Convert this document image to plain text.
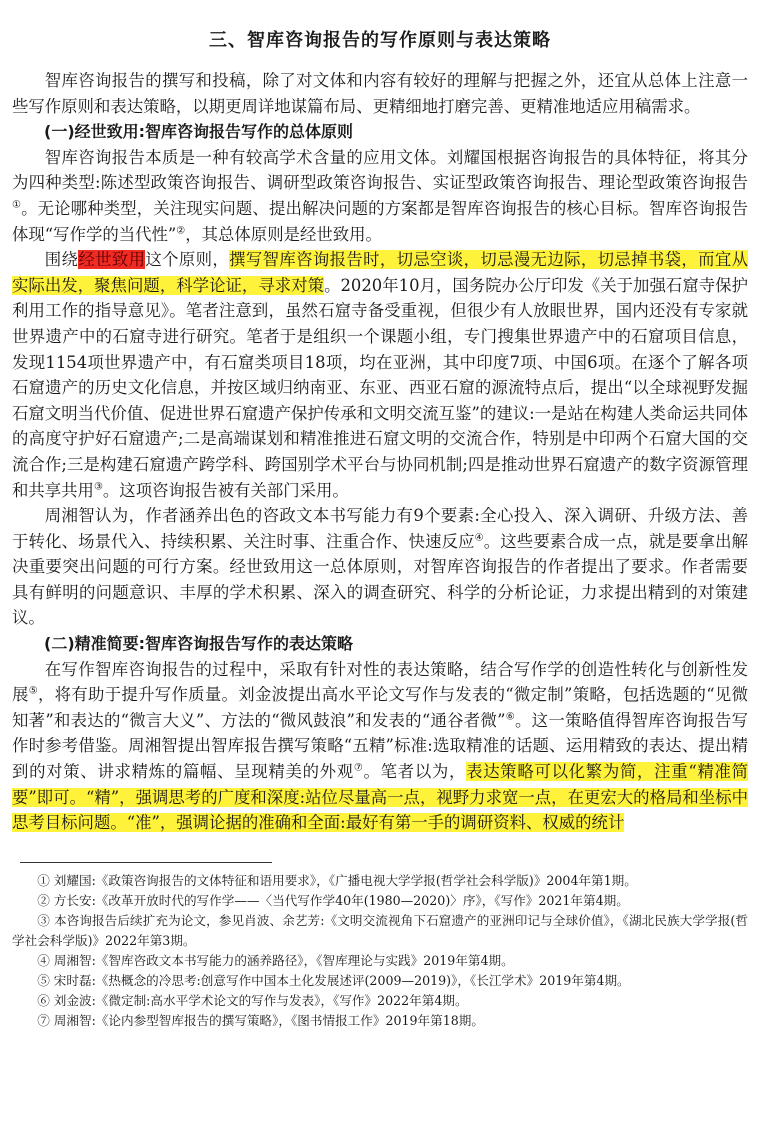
三、智库咨询报告的写作原则与表达策略

智库咨询报告的撰写和投稿，除了对文体和内容有较好的理解与把握之外，还宜从总体上注意一些写作原则和表达策略，以期更周详地谋篇布局、更精细地打磨完善、更精准地适应用稿需求。

(一)经世致用:智库咨询报告写作的总体原则

智库咨询报告本质是一种有较高学术含量的应用文体。刘耀国根据咨询报告的具体特征，将其分为四种类型:陈述型政策咨询报告、调研型政策咨询报告、实证型政策咨询报告、理论型政策咨询报告①。无论哪种类型，关注现实问题、提出解决问题的方案都是智库咨询报告的核心目标。智库咨询报告体现“写作学的当代性”②，其总体原则是经世致用。

围绕经世致用这个原则，撰写智库咨询报告时，切忌空谈，切忌漫无边际，切忌掉书袋，而宜从实际出发，聚焦问题，科学论证，寻求对策。2020年10月，国务院办公厅印发《关于加强石窟寺保护利用工作的指导意见》。笔者注意到，虽然石窟寺备受重视，但很少有人放眼世界，国内还没有专家就世界遗产中的石窟寺进行研究。笔者于是组织一个课题小组，专门搜集世界遗产中的石窟项目信息，发现1154项世界遗产中，有石窟类项目18项，均在亚洲，其中印度7项、中国6项。在逐个了解各项石窟遗产的历史文化信息，并按区域归纳南亚、东亚、西亚石窟的源流特点后，提出“以全球视野发掘石窟文明当代价值、促进世界石窟遗产保护传承和文明交流互鉴”的建议:一是站在构建人类命运共同体的高度守护好石窟遗产;二是高端谋划和精准推进石窟文明的交流合作，特别是中印两个石窟大国的交流合作;三是构建石窟遗产跨学科、跨国别学术平台与协同机制;四是推动世界石窟遗产的数字资源管理和共享共用③。这项咨询报告被有关部门采用。

周湘智认为，作者涵养出色的咨政文本书写能力有9个要素:全心投入、深入调研、升级方法、善于转化、场景代入、持续积累、关注时事、注重合作、快速反应④。这些要素合成一点，就是要拿出解决重要突出问题的可行方案。经世致用这一总体原则，对智库咨询报告的作者提出了要求。作者需要具有鲜明的问题意识、丰厚的学术积累、深入的调查研究、科学的分析论证，力求提出精到的对策建议。

(二)精准简要:智库咨询报告写作的表达策略

在写作智库咨询报告的过程中，采取有针对性的表达策略，结合写作学的创造性转化与创新性发展⑤，将有助于提升写作质量。刘金波提出高水平论文写作与发表的“微定制”策略，包括选题的“见微知著”和表达的“微言大义”、方法的“微风鼓浪”和发表的“通谷者微”⑥。这一策略值得智库咨询报告写作时参考借鉴。周湘智提出智库报告撰写策略“五精”标准:选取精准的话题、运用精致的表达、提出精到的对策、讲求精炼的篇幅、呈现精美的外观⑦。笔者以为，表达策略可以化繁为简，注重“精准简要”即可。“精”，强调思考的广度和深度:站位尽量高一点，视野力求宽一点，在更宏大的格局和坐标中思考目标问题。“准”，强调论据的准确和全面:最好有第一手的调研资料、权威的统计

① 刘耀国:《政策咨询报告的文体特征和语用要求》，《广播电视大学学报(哲学社会科学版)》2004年第1期。
② 方长安:《改革开放时代的写作学——〈当代写作学40年(1980—2020)〉序》，《写作》2021年第4期。
③ 本咨询报告后续扩充为论文，参见肖波、余艺芳:《文明交流视角下石窟遗产的亚洲印记与全球价值》，《湖北民族大学学报(哲学社会科学版)》2022年第3期。
④ 周湘智:《智库咨政文本书写能力的涵养路径》，《智库理论与实践》2019年第4期。
⑤ 宋时磊:《热概念的冷思考:创意写作中国本土化发展述评(2009—2019)》，《长江学术》2019年第4期。
⑥ 刘金波:《微定制:高水平学术论文的写作与发表》，《写作》2022年第4期。
⑦ 周湘智:《论内参型智库报告的撰写策略》，《图书情报工作》2019年第18期。
